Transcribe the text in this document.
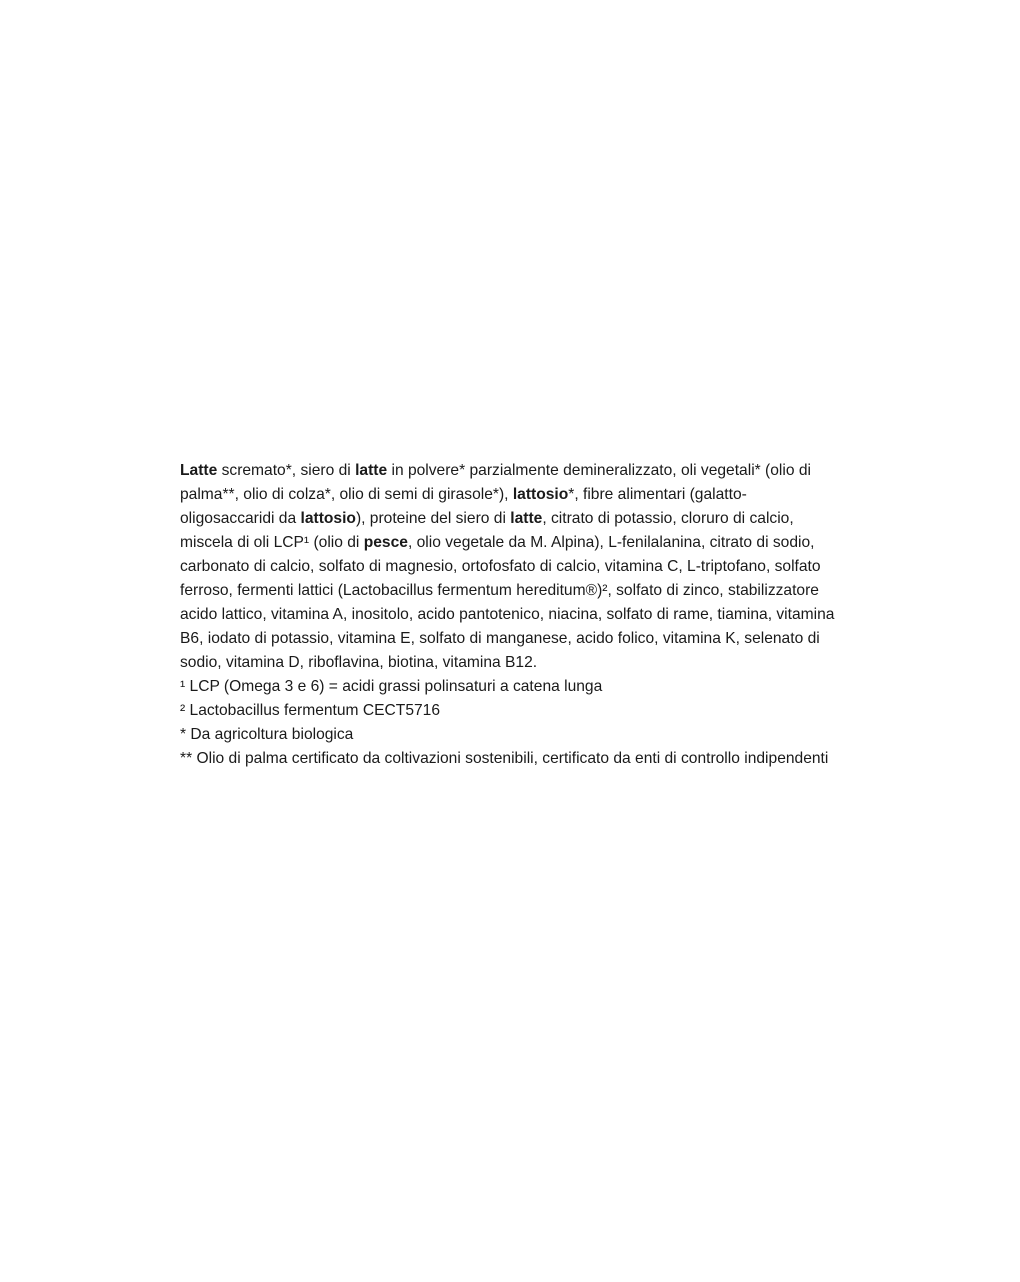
Latte scremato*, siero di latte in polvere* parzialmente demineralizzato, oli vegetali* (olio di palma**, olio di colza*, olio di semi di girasole*), lattosio*, fibre alimentari (galatto-oligosaccaridi da lattosio), proteine del siero di latte, citrato di potassio, cloruro di calcio, miscela di oli LCP¹ (olio di pesce, olio vegetale da M. Alpina), L-fenilalanina, citrato di sodio, carbonato di calcio, solfato di magnesio, ortofosfato di calcio, vitamina C, L-triptofano, solfato ferroso, fermenti lattici (Lactobacillus fermentum hereditum®)², solfato di zinco, stabilizzatore acido lattico, vitamina A, inositolo, acido pantotenico, niacina, solfato di rame, tiamina, vitamina B6, iodato di potassio, vitamina E, solfato di manganese, acido folico, vitamina K, selenato di sodio, vitamina D, riboflavina, biotina, vitamina B12.

¹ LCP (Omega 3 e 6) = acidi grassi polinsaturi a catena lunga

² Lactobacillus fermentum CECT5716

* Da agricoltura biologica

** Olio di palma certificato da coltivazioni sostenibili, certificato da enti di controllo indipendenti
